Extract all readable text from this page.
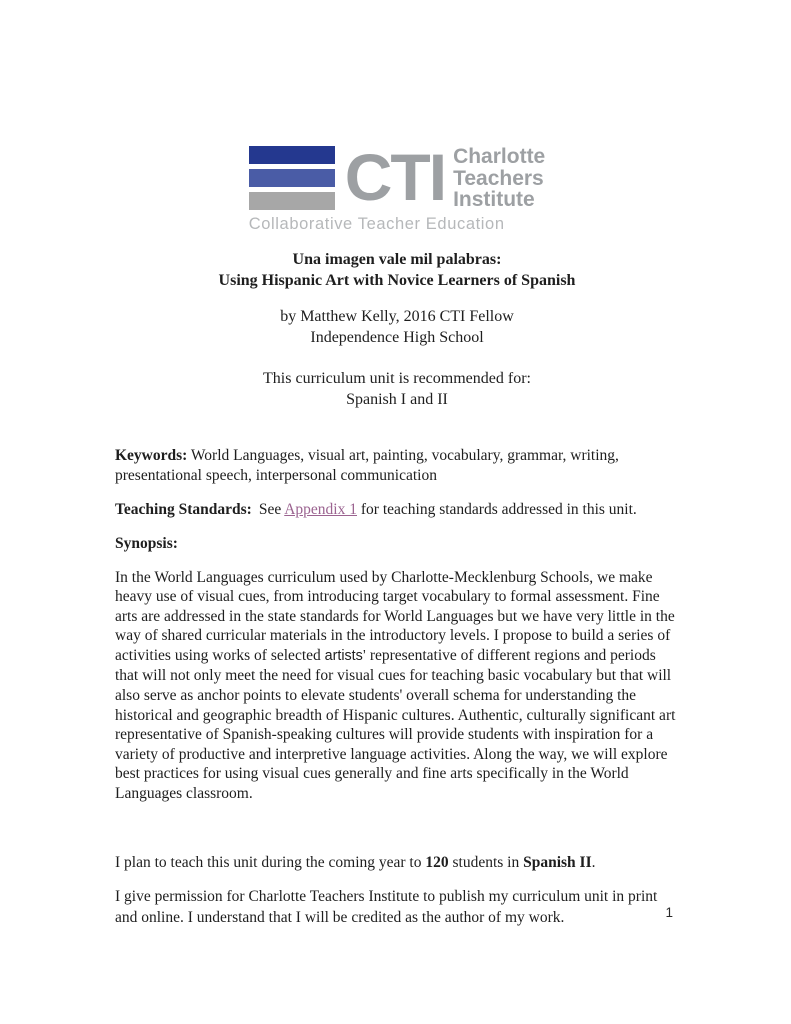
CTI Charlotte
Teachers
Institute
Collaborative Teacher Education
Una imagen vale mil palabras:
Using Hispanic Art with Novice Learners of Spanish
by Matthew Kelly, 2016 CTI Fellow
Independence High School
This curriculum unit is recommended for:
Spanish I and II

Keywords: World Languages, visual art, painting, vocabulary, grammar, writing, presentational speech, interpersonal communication

Teaching Standards: See Appendix 1 for teaching standards addressed in this unit.

Synopsis:

In the World Languages curriculum used by Charlotte-Mecklenburg Schools, we make heavy use of visual cues, from introducing target vocabulary to formal assessment. Fine arts are addressed in the state standards for World Languages but we have very little in the way of shared curricular materials in the introductory levels. I propose to build a series of activities using works of selected artists’ representative of different regions and periods that will not only meet the need for visual cues for teaching basic vocabulary but that will also serve as anchor points to elevate students' overall schema for understanding the historical and geographic breadth of Hispanic cultures. Authentic, culturally significant art representative of Spanish-speaking cultures will provide students with inspiration for a variety of productive and interpretive language activities. Along the way, we will explore best practices for using visual cues generally and fine arts specifically in the World Languages classroom.

I plan to teach this unit during the coming year to 120 students in Spanish II.

I give permission for Charlotte Teachers Institute to publish my curriculum unit in print and online. I understand that I will be credited as the author of my work.	1
